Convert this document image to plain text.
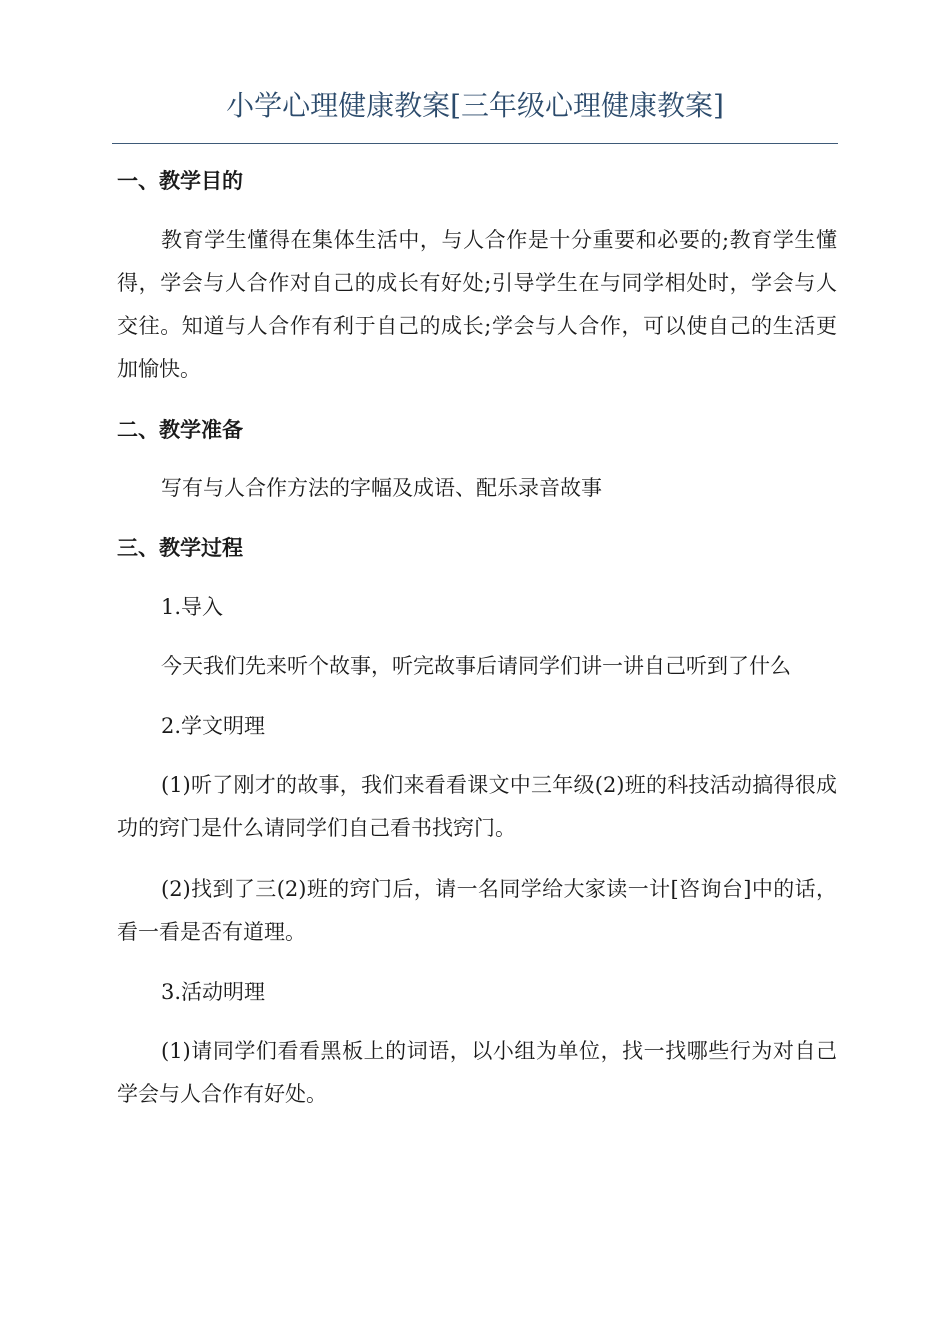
小学心理健康教案[三年级心理健康教案]
一、教学目的
教育学生懂得在集体生活中，与人合作是十分重要和必要的;教育学生懂得，学会与人合作对自己的成长有好处;引导学生在与同学相处时，学会与人交往。知道与人合作有利于自己的成长;学会与人合作，可以使自己的生活更加愉快。
二、教学准备
写有与人合作方法的字幅及成语、配乐录音故事
三、教学过程
1.导入
今天我们先来听个故事，听完故事后请同学们讲一讲自己听到了什么
2.学文明理
(1)听了刚才的故事，我们来看看课文中三年级(2)班的科技活动搞得很成功的窍门是什么请同学们自己看书找窍门。
(2)找到了三(2)班的窍门后，请一名同学给大家读一计[咨询台]中的话，看一看是否有道理。
3.活动明理
(1)请同学们看看黑板上的词语，以小组为单位，找一找哪些行为对自己学会与人合作有好处。
